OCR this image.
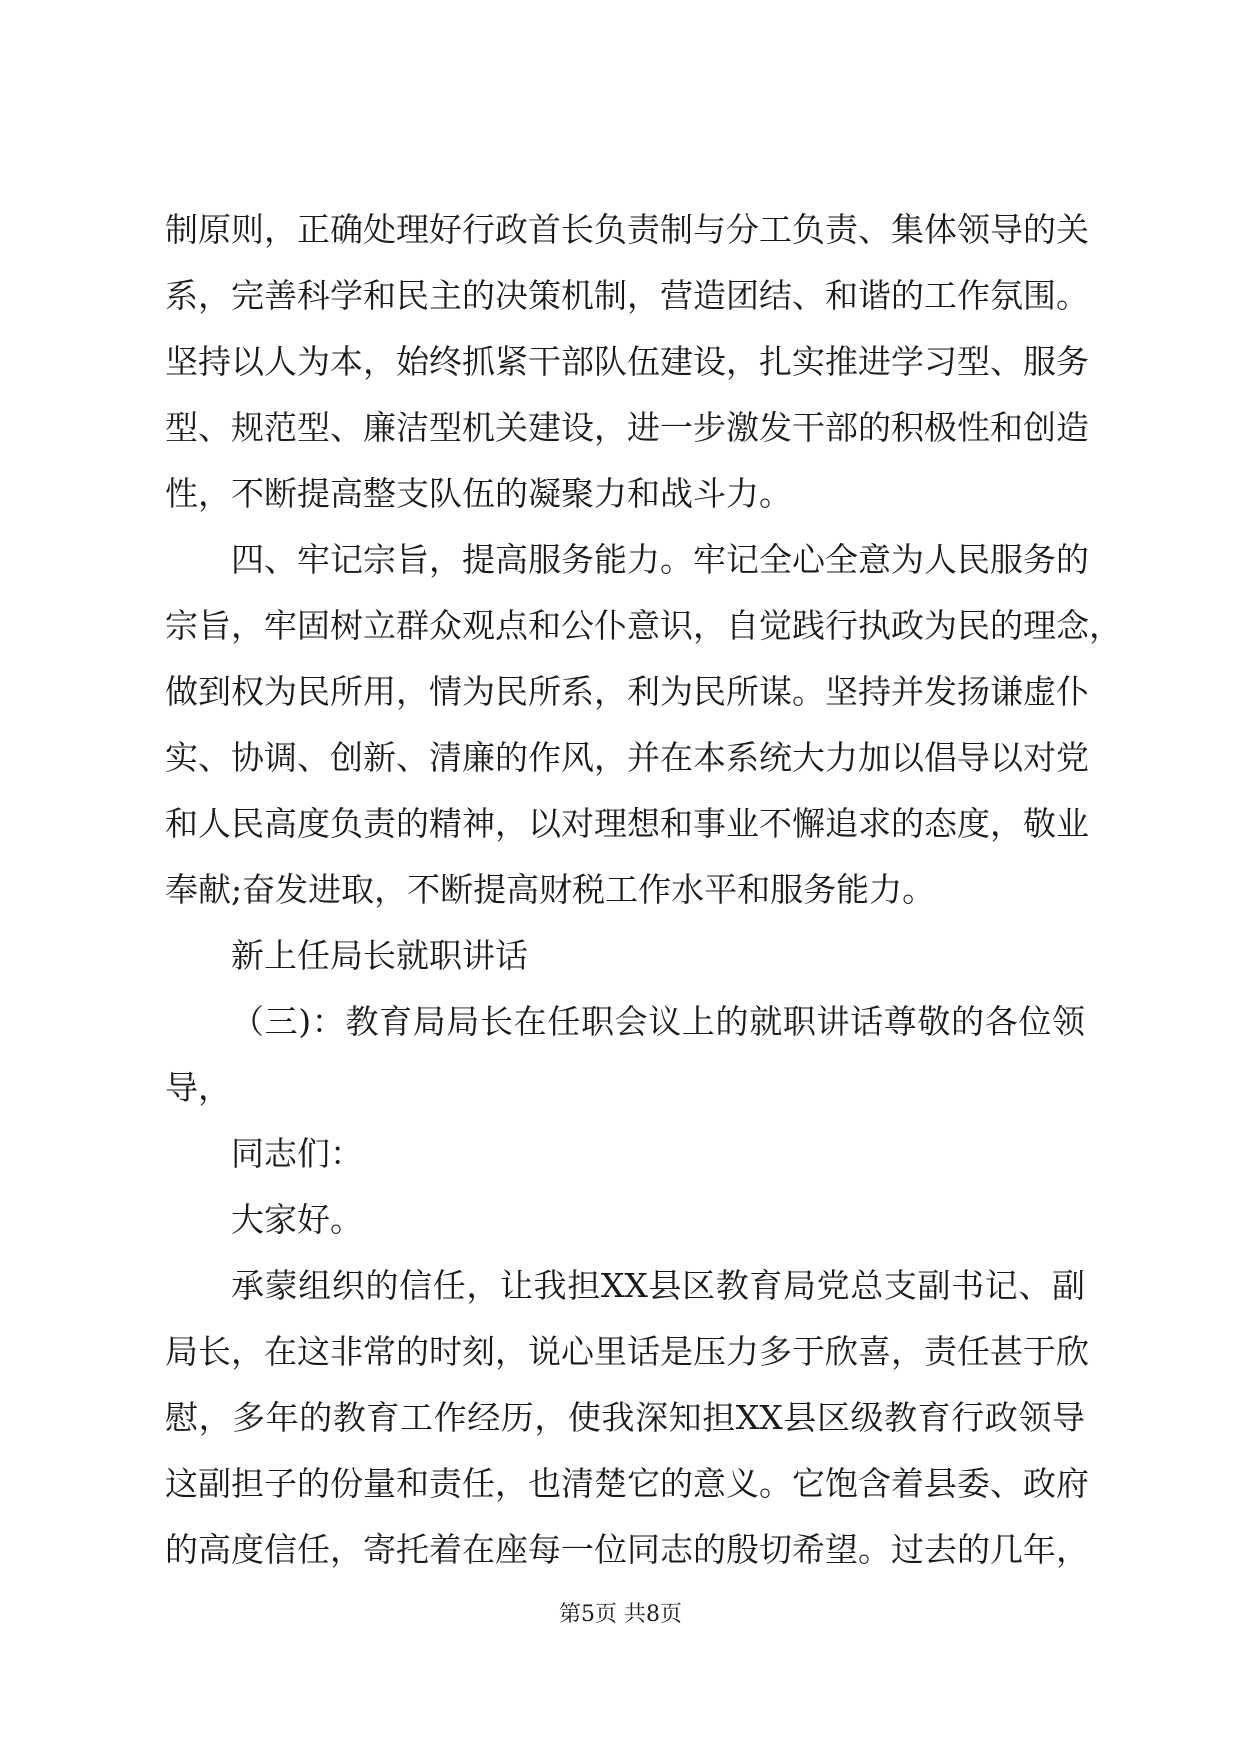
制原则，正确处理好行政首长负责制与分工负责、集体领导的关
系，完善科学和民主的决策机制，营造团结、和谐的工作氛围。
坚持以人为本，始终抓紧干部队伍建设，扎实推进学习型、服务
型、规范型、廉洁型机关建设，进一步激发干部的积极性和创造
性，不断提高整支队伍的凝聚力和战斗力。
四、牢记宗旨，提高服务能力。牢记全心全意为人民服务的
宗旨，牢固树立群众观点和公仆意识，自觉践行执政为民的理念，
做到权为民所用，情为民所系，利为民所谋。坚持并发扬谦虚仆
实、协调、创新、清廉的作风，并在本系统大力加以倡导以对党
和人民高度负责的精神，以对理想和事业不懈追求的态度，敬业
奉献;奋发进取，不断提高财税工作水平和服务能力。
新上任局长就职讲话
（三)：教育局局长在任职会议上的就职讲话尊敬的各位领
导，
同志们：
大家好。
承蒙组织的信任，让我担XX县区教育局党总支副书记、副
局长，在这非常的时刻，说心里话是压力多于欣喜，责任甚于欣
慰，多年的教育工作经历，使我深知担XX县区级教育行政领导
这副担子的份量和责任，也清楚它的意义。它饱含着县委、政府
的高度信任，寄托着在座每一位同志的殷切希望。过去的几年，
第5页 共8页
